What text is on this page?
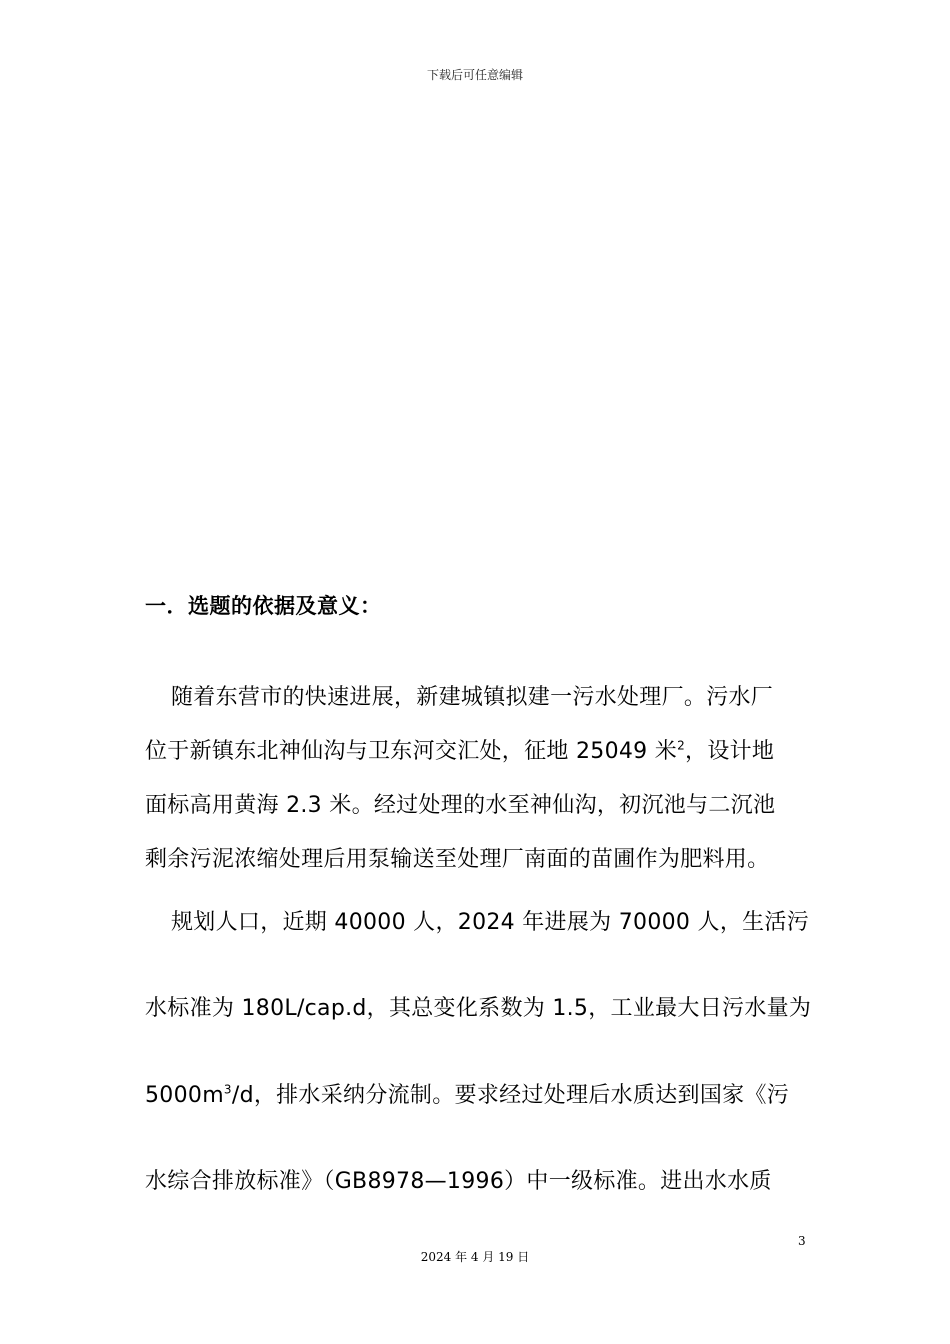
下载后可任意编辑
一．选题的依据及意义：
随着东营市的快速进展，新建城镇拟建一污水处理厂。污水厂
位于新镇东北神仙沟与卫东河交汇处，征地 25049 米$^2$，设计地
面标高用黄海 2.3 米。经过处理的水至神仙沟，初沉池与二沉池
剩余污泥浓缩处理后用泵输送至处理厂南面的苗圃作为肥料用。
规划人口，近期 40000 人，2024 年进展为 70000 人，生活污
水标准为 180L/cap.d，其总变化系数为 1.5，工业最大日污水量为
$5000m^3/d$，排水采纳分流制。要求经过处理后水质达到国家《污
水综合排放标准》（GB8978—1996）中一级标准。进出水水质
3
2024 年 4 月 19 日
